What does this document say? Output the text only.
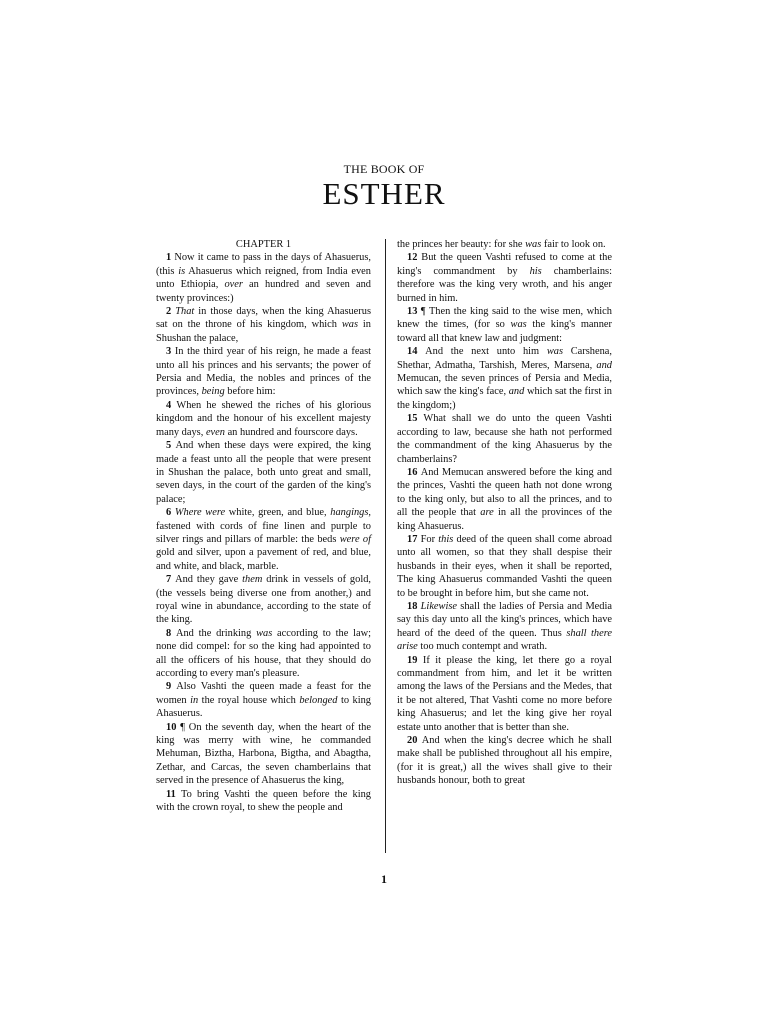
THE BOOK OF
ESTHER

CHAPTER 1

1 Now it came to pass in the days of Ahasuerus, (this is Ahasuerus which reigned, from India even unto Ethiopia, over an hundred and seven and twenty provinces:)

2 That in those days, when the king Ahasuerus sat on the throne of his kingdom, which was in Shushan the palace,

3 In the third year of his reign, he made a feast unto all his princes and his servants; the power of Persia and Media, the nobles and princes of the provinces, being before him:

4 When he shewed the riches of his glorious kingdom and the honour of his excellent majesty many days, even an hundred and fourscore days.

5 And when these days were expired, the king made a feast unto all the people that were present in Shushan the palace, both unto great and small, seven days, in the court of the garden of the king's palace;

6 Where were white, green, and blue, hangings, fastened with cords of fine linen and purple to silver rings and pillars of marble: the beds were of gold and silver, upon a pavement of red, and blue, and white, and black, marble.

7 And they gave them drink in vessels of gold, (the vessels being diverse one from another,) and royal wine in abundance, according to the state of the king.

8 And the drinking was according to the law; none did compel: for so the king had appointed to all the officers of his house, that they should do according to every man's pleasure.

9 Also Vashti the queen made a feast for the women in the royal house which belonged to king Ahasuerus.

10 ¶ On the seventh day, when the heart of the king was merry with wine, he commanded Mehuman, Biztha, Harbona, Bigtha, and Abagtha, Zethar, and Carcas, the seven chamberlains that served in the presence of Ahasuerus the king,

11 To bring Vashti the queen before the king with the crown royal, to shew the people and

the princes her beauty: for she was fair to look on.

12 But the queen Vashti refused to come at the king's commandment by his chamberlains: therefore was the king very wroth, and his anger burned in him.

13 ¶ Then the king said to the wise men, which knew the times, (for so was the king's manner toward all that knew law and judgment:

14 And the next unto him was Carshena, Shethar, Admatha, Tarshish, Meres, Marsena, and Memucan, the seven princes of Persia and Media, which saw the king's face, and which sat the first in the kingdom;)

15 What shall we do unto the queen Vashti according to law, because she hath not performed the commandment of the king Ahasuerus by the chamberlains?

16 And Memucan answered before the king and the princes, Vashti the queen hath not done wrong to the king only, but also to all the princes, and to all the people that are in all the provinces of the king Ahasuerus.

17 For this deed of the queen shall come abroad unto all women, so that they shall despise their husbands in their eyes, when it shall be reported, The king Ahasuerus commanded Vashti the queen to be brought in before him, but she came not.

18 Likewise shall the ladies of Persia and Media say this day unto all the king's princes, which have heard of the deed of the queen. Thus shall there arise too much contempt and wrath.

19 If it please the king, let there go a royal commandment from him, and let it be written among the laws of the Persians and the Medes, that it be not altered, That Vashti come no more before king Ahasuerus; and let the king give her royal estate unto another that is better than she.

20 And when the king's decree which he shall make shall be published throughout all his empire, (for it is great,) all the wives shall give to their husbands honour, both to great

1
